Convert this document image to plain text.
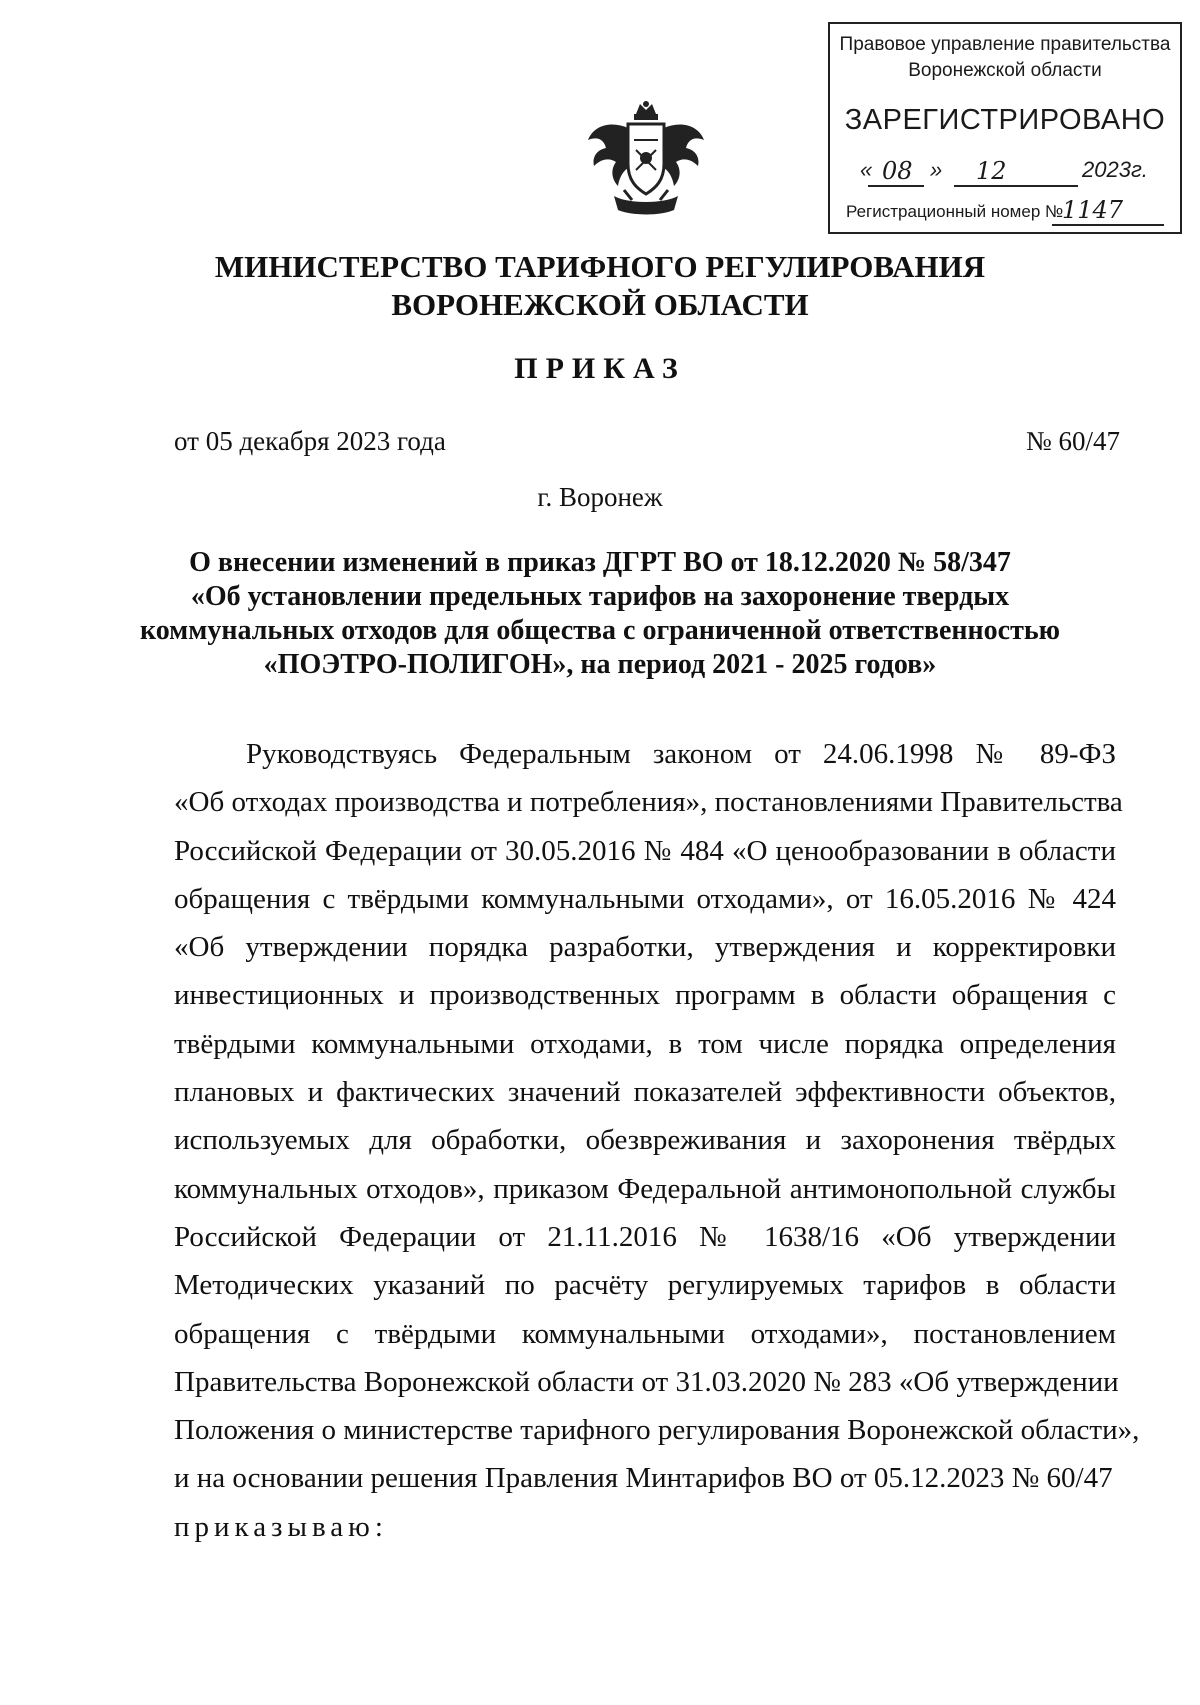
Правовое управление правительства
Воронежской области
ЗАРЕГИСТРИРОВАНО
« 08 » 12	2023г.
Регистрационный номер №
1147
МИНИСТЕРСТВО ТАРИФНОГО РЕГУЛИРОВАНИЯ
ВОРОНЕЖСКОЙ ОБЛАСТИ
ПРИКАЗ
от 05 декабря 2023 года	№ 60/47
г. Воронеж
О внесении изменений в приказ ДГРТ ВО от 18.12.2020 № 58/347
«Об установлении предельных тарифов на захоронение твердых
коммунальных отходов для общества с ограниченной ответственностью
«ПОЭТРО-ПОЛИГОН», на период 2021 - 2025 годов»
Руководствуясь Федеральным законом от 24.06.1998 № 89-ФЗ
«Об отходах производства и потребления», постановлениями Правительства
Российской Федерации от 30.05.2016 № 484 «О ценообразовании в области
обращения с твёрдыми коммунальными отходами», от 16.05.2016 № 424
«Об утверждении порядка разработки, утверждения и корректировки
инвестиционных и производственных программ в области обращения с
твёрдыми коммунальными отходами, в том числе порядка определения
плановых и фактических значений показателей эффективности объектов,
используемых для обработки, обезвреживания и захоронения твёрдых
коммунальных отходов», приказом Федеральной антимонопольной службы
Российской Федерации от 21.11.2016 № 1638/16 «Об утверждении
Методических указаний по расчёту регулируемых тарифов в области
обращения с твёрдыми коммунальными отходами», постановлением
Правительства Воронежской области от 31.03.2020 № 283 «Об утверждении
Положения о министерстве тарифного регулирования Воронежской области»,
и на основании решения Правления Минтарифов ВО от 05.12.2023 № 60/47
приказываю:
